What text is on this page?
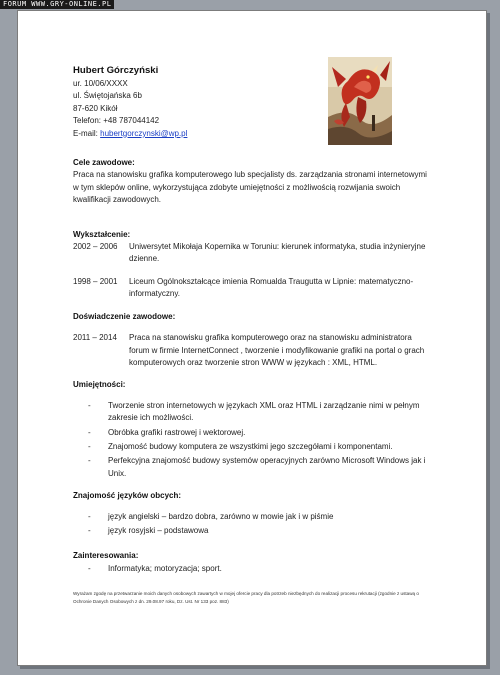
FORUM WWW.GRY-ONLINE.PL
Hubert Górczyński
ur. 10/06/XXXX
ul. Świętojańska 6b
87-620 Kikół
Telefon: +48 787044142
E-mail: hubertgorczynski@wp.pl
Cele zawodowe:

Praca na stanowisku grafika komputerowego lub specjalisty ds. zarządzania stronami internetowymi w tym sklepów online, wykorzystująca zdobyte umiejętności z możliwością rozwijania swoich kwalifikacji zawodowych.

Wykształcenie:
2002 – 2006	Uniwersytet Mikołaja Kopernika w Toruniu: kierunek informatyka, studia inżynieryjne dzienne.
1998 – 2001	Liceum Ogólnokształcące imienia Romualda Traugutta w Lipnie: matematyczno-informatyczny.
Doświadczenie zawodowe:
2011 – 2014	Praca na stanowisku grafika komputerowego oraz na stanowisku administratora forum w firmie InternetConnect , tworzenie i modyfikowanie grafiki na portal o grach komputerowych oraz tworzenie stron WWW w językach : XML, HTML.
Umiejętności:
-	Tworzenie stron internetowych w językach XML oraz HTML i zarządzanie nimi w pełnym zakresie ich możliwości.
-	Obróbka grafiki rastrowej i wektorowej.
-	Znajomość budowy komputera ze wszystkimi jego szczegółami i komponentami.
-	Perfekcyjna znajomość budowy systemów operacyjnych zarówno Microsoft Windows jak i Unix.
Znajomość języków obcych:
-	język angielski – bardzo dobra, zarówno w mowie jak i w piśmie
-	język rosyjski – podstawowa
Zainteresowania:
-	Informatyka; motoryzacja; sport.
Wyrażam zgodę na przetwarzanie moich danych osobowych zawartych w mojej ofercie pracy dla potrzeb niezbędnych do realizacji procesu rekrutacji (zgodnie z ustawą o Ochronie Danych Osobowych z dn. 29.08.97 roku, Dz. Ust. Nr 133 poz. 883)
